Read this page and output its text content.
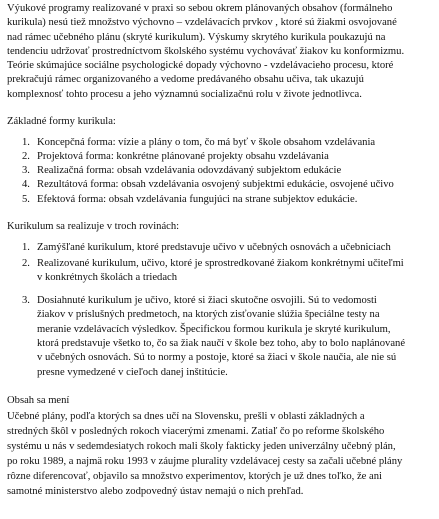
Výukové programy realizované v praxi so sebou okrem plánovaných obsahov (formálneho
kurikula) nesú tiež množstvo výchovno – vzdelávacích prvkov , ktoré sú žiakmi osvojované
nad rámec učebného plánu (skryté kurikulum). Výskumy skrytého kurikula poukazujú na
tendenciu udržovať prostredníctvom školského systému vychovávať žiakov ku konformizmu.
Teórie skúmajúce sociálne psychologické dopady výchovno - vzdelávacieho procesu, ktoré
prekračujú rámec organizovaného a vedome predávaného obsahu učiva, tak ukazujú
komplexnosť tohto procesu a jeho významnú socializačnú rolu v živote jednotlivca.
Základné formy kurikula:
1. Koncepčná forma: vízie a plány o tom, čo má byť v škole obsahom vzdelávania
2. Projektová forma: konkrétne plánované projekty obsahu vzdelávania
3. Realizačná forma: obsah vzdelávania odovzdávaný subjektom edukácie
4. Rezultátová forma: obsah vzdelávania osvojený subjektmi edukácie, osvojené učivo
5. Efektová forma: obsah vzdelávania fungujúci na strane subjektov edukácie.
Kurikulum sa realizuje v troch rovinách:
1. Zamýšľané kurikulum, ktoré predstavuje učivo v učebných osnovách a učebniciach
2. Realizované kurikulum, učivo, ktoré je sprostredkované žiakom konkrétnymi učiteľmi
v konkrétnych školách a triedach
3. Dosiahnuté kurikulum je učivo, ktoré si žiaci skutočne osvojili. Sú to vedomosti
žiakov v príslušných predmetoch, na ktorých zisťovanie slúžia špeciálne testy na
meranie vzdelávacích výsledkov. Špecifickou formou kurikula je skryté kurikulum,
ktorá predstavuje všetko to, čo sa žiak naučí v škole bez toho, aby to bolo naplánované
v učebných osnovách. Sú to normy a postoje, ktoré sa žiaci v škole naučia, ale nie sú
presne vymedzené v cieľoch danej inštitúcie.
Obsah sa mení
Učebné plány, podľa ktorých sa dnes učí na Slovensku, prešli v oblasti základných a
stredných škôl v posledných rokoch viacerými zmenami. Zatiaľ čo po reforme školského
systému u nás v sedemdesiatych rokoch mali školy fakticky jeden univerzálny učebný plán,
po roku 1989, a najmä roku 1993 v záujme plurality vzdelávacej cesty sa začali učebné plány
rôzne diferencovať, objavilo sa množstvo experimentov, ktorých je už dnes toľko, že ani
samotné ministerstvo alebo zodpovedný ústav nemajú o nich prehľad.
